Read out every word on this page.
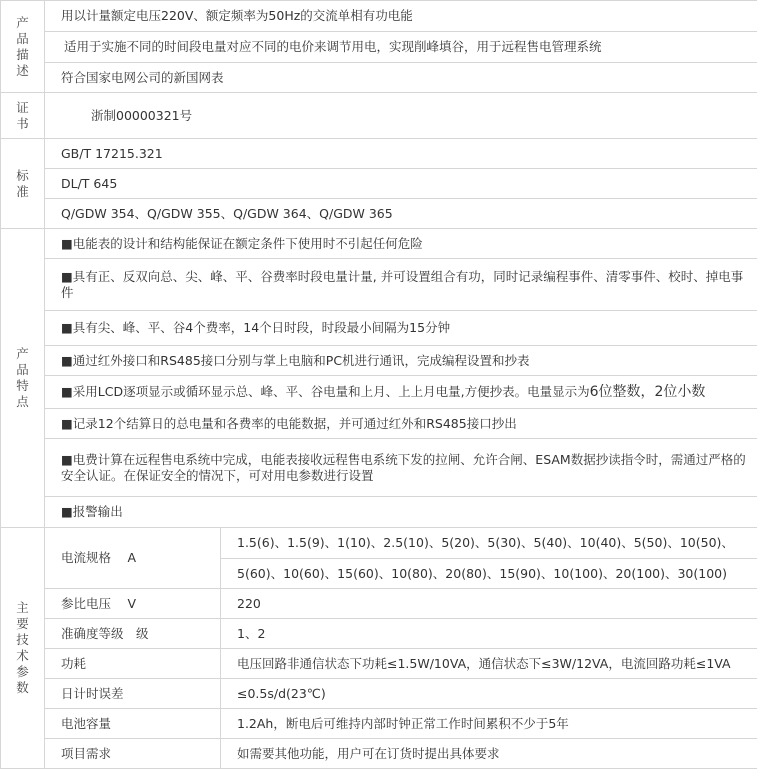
产品描述	用以计量额定电压220V、额定频率为50Hz的交流单相有功电能	
	适用于实施不同的时间段电量对应不同的电价来调节用电，实现削峰填谷，用于远程售电管理系统	
	符合国家电网公司的新国网表	
证书	浙制00000321号	
标准	GB/T 17215.321	
	DL/T 645	
	Q/GDW 354、Q/GDW 355、Q/GDW 364、Q/GDW 365	
产品特点	■电能表的设计和结构能保证在额定条件下使用时不引起任何危险	
	■具有正、反双向总、尖、峰、平、谷费率时段电量计量, 并可设置组合有功，同时记录编程事件、清零事件、校时、掉电事件	
	■具有尖、峰、平、谷4个费率，14个日时段，时段最小间隔为15分钟	
	■通过红外接口和RS485接口分别与掌上电脑和PC机进行通讯，完成编程设置和抄表	
	■采用LCD逐项显示或循环显示总、峰、平、谷电量和上月、上上月电量,方便抄表。电量显示为6位整数，2位小数	
	■记录12个结算日的总电量和各费率的电能数据，并可通过红外和RS485接口抄出	
	■电费计算在远程售电系统中完成，电能表接收远程售电系统下发的拉闸、允许合闸、ESAM数据抄读指令时，需通过严格的安全认证。在保证安全的情况下，可对用电参数进行设置	
	■报警输出	
主要技术参数	电流规格　 A	1.5(6)、1.5(9)、1(10)、2.5(10)、5(20)、5(30)、5(40)、10(40)、5(50)、10(50)、
		5(60)、10(60)、15(60)、10(80)、20(80)、15(90)、10(100)、20(100)、30(100)
	参比电压　 V	220
	准确度等级　级	1、2
	功耗	电压回路非通信状态下功耗≤1.5W/10VA，通信状态下≤3W/12VA，电流回路功耗≤1VA
	日计时误差	≤0.5s/d(23℃)
	电池容量	1.2Ah，断电后可维持内部时钟正常工作时间累积不少于5年
	项目需求	如需要其他功能，用户可在订货时提出具体要求
